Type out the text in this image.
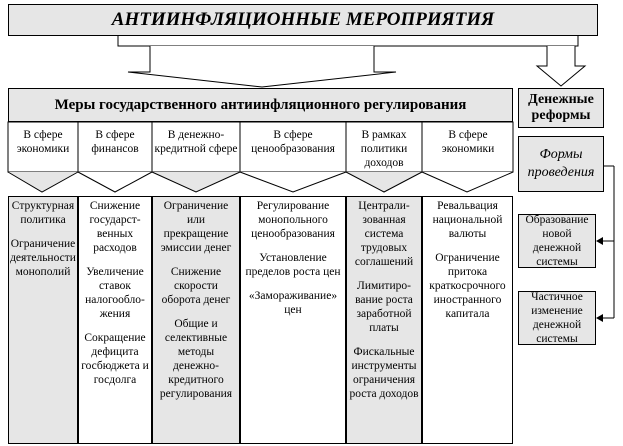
АНТИИНФЛЯЦИОННЫЕ МЕРОПРИЯТИЯ
Меры государственного антиинфляционного регулирования	Денежные реформы
Формы проведения
В сфере экономики
В сфере финансов
В денежно-кредитной сфере
В сфере ценообразования
В рамках политики доходов
В сфере экономики

Структурная политика

Ограничение деятельности монополий

Снижение государст-венных расходов

Увеличение ставок налогообло-жения

Сокращение дефицита госбюджета и госдолга

Ограничение или прекращение эмиссии денег

Снижение скорости оборота денег

Общие и селективные методы денежно-кредитного регулирования

Регулирование монопольного ценообразования

Установление пределов роста цен

«Замораживание» цен

Централи-зованная система трудовых соглашений

Лимитиро-вание роста заработной платы

Фискальные инструменты ограничения роста доходов

Ревальвация национальной валюты

Ограничение притока краткосрочного иностранного капитала

Образование новой денежной системы
Частичное изменение денежной системы
